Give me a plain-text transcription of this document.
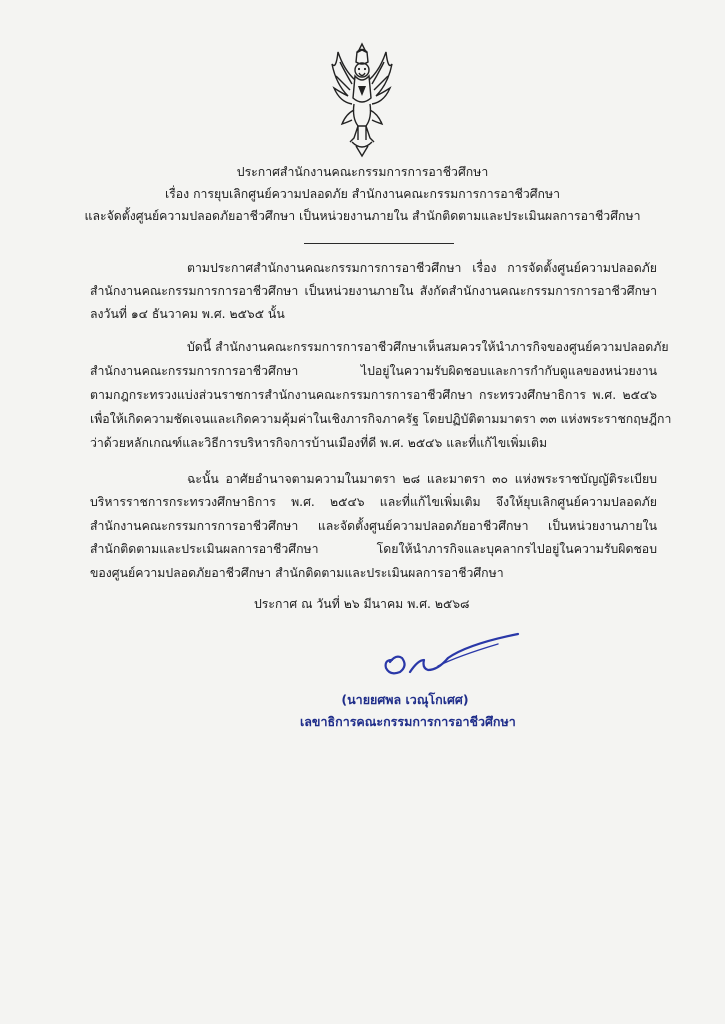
ประกาศสำนักงานคณะกรรมการการอาชีวศึกษา
เรื่อง การยุบเลิกศูนย์ความปลอดภัย สำนักงานคณะกรรมการการอาชีวศึกษา
และจัดตั้งศูนย์ความปลอดภัยอาชีวศึกษา เป็นหน่วยงานภายใน สำนักติดตามและประเมินผลการอาชีวศึกษา
ตามประกาศสำนักงานคณะกรรมการการอาชีวศึกษา เรื่อง การจัดตั้งศูนย์ความปลอดภัย
สำนักงานคณะกรรมการการอาชีวศึกษา เป็นหน่วยงานภายใน สังกัดสำนักงานคณะกรรมการการอาชีวศึกษา
ลงวันที่ ๑๔ ธันวาคม พ.ศ. ๒๕๖๕ นั้น
บัดนี้ สำนักงานคณะกรรมการการอาชีวศึกษาเห็นสมควรให้นำภารกิจของศูนย์ความปลอดภัย
สำนักงานคณะกรรมการการอาชีวศึกษา ไปอยู่ในความรับผิดชอบและการกำกับดูแลของหน่วยงาน
ตามกฎกระทรวงแบ่งส่วนราชการสำนักงานคณะกรรมการการอาชีวศึกษา กระทรวงศึกษาธิการ พ.ศ. ๒๕๔๖
เพื่อให้เกิดความชัดเจนและเกิดความคุ้มค่าในเชิงภารกิจภาครัฐ โดยปฏิบัติตามมาตรา ๓๓ แห่งพระราชกฤษฎีกา
ว่าด้วยหลักเกณฑ์และวิธีการบริหารกิจการบ้านเมืองที่ดี พ.ศ. ๒๕๔๖ และที่แก้ไขเพิ่มเติม
ฉะนั้น อาศัยอำนาจตามความในมาตรา ๒๘ และมาตรา ๓๐ แห่งพระราชบัญญัติระเบียบ
บริหารราชการกระทรวงศึกษาธิการ พ.ศ. ๒๕๔๖ และที่แก้ไขเพิ่มเติม จึงให้ยุบเลิกศูนย์ความปลอดภัย
สำนักงานคณะกรรมการการอาชีวศึกษา และจัดตั้งศูนย์ความปลอดภัยอาชีวศึกษา เป็นหน่วยงานภายใน
สำนักติดตามและประเมินผลการอาชีวศึกษา โดยให้นำภารกิจและบุคลากรไปอยู่ในความรับผิดชอบ
ของศูนย์ความปลอดภัยอาชีวศึกษา สำนักติดตามและประเมินผลการอาชีวศึกษา
ประกาศ ณ วันที่ ๒๖ มีนาคม พ.ศ. ๒๕๖๘
(นายยศพล เวณุโกเศศ)
เลขาธิการคณะกรรมการการอาชีวศึกษา
